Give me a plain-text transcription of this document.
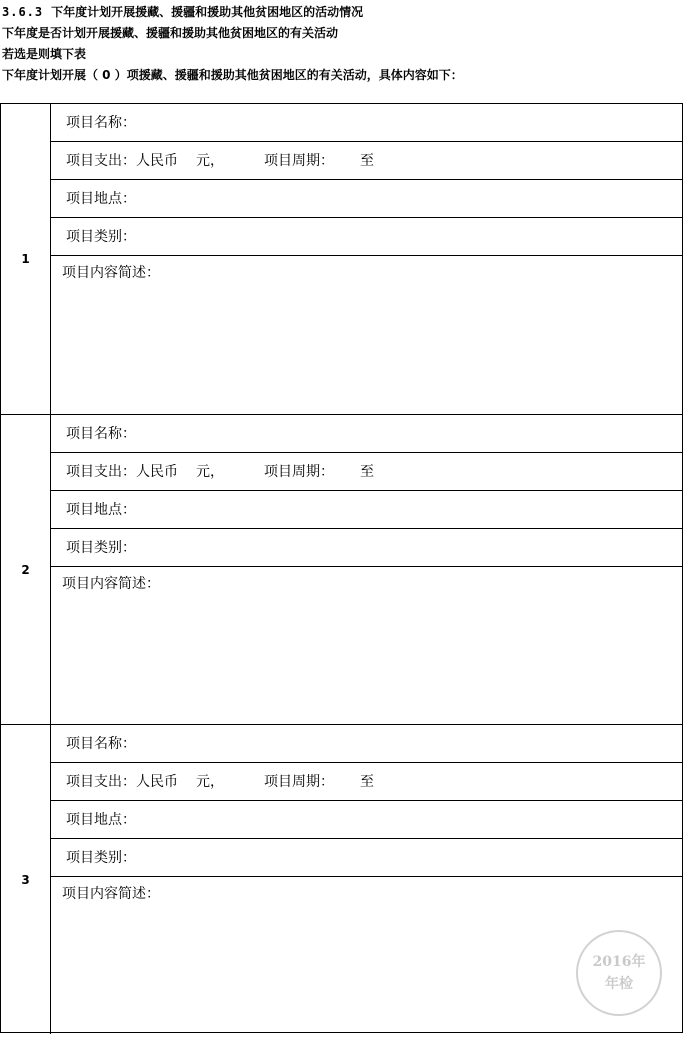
3.6.3 下年度计划开展援藏、援疆和援助其他贫困地区的活动情况
下年度是否计划开展援藏、援疆和援助其他贫困地区的有关活动
若选是则填下表
下年度计划开展（ 0 ）项援藏、援疆和援助其他贫困地区的有关活动，具体内容如下：
1
项目名称：
项目支出：人民币 元，	项目周期： 至
项目地点：
项目类别：
项目内容简述：
2
项目名称：
项目支出：人民币 元，	项目周期： 至
项目地点：
项目类别：
项目内容简述：
3
项目名称：
项目支出：人民币 元，	项目周期： 至
项目地点：
项目类别：
项目内容简述：
2016年
年检
